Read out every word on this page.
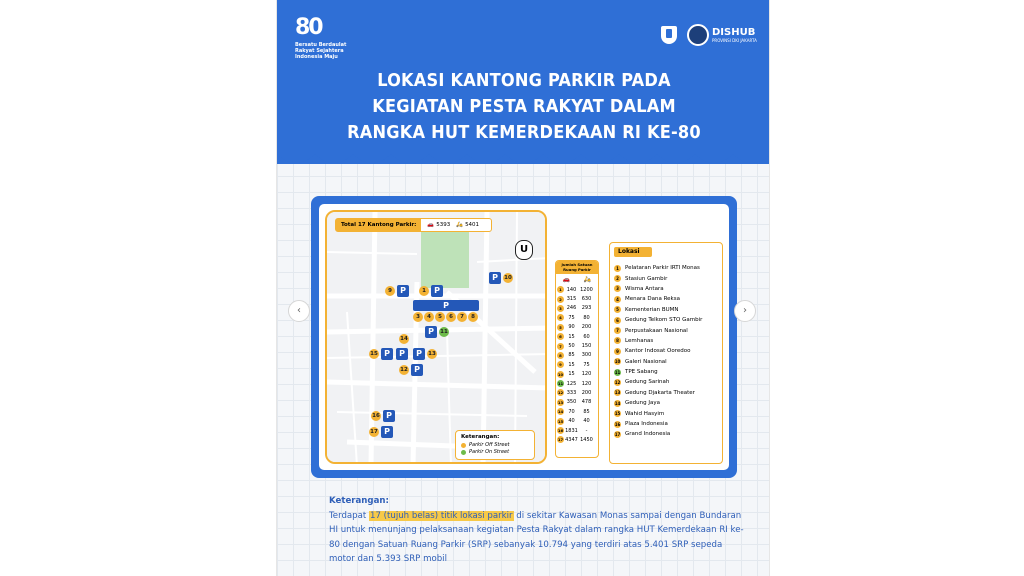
80
Bersatu Berdaulat Rakyat Sejahtera Indonesia Maju
DISHUB
PROVINSI DKI JAKARTA
LOKASI KANTONG PARKIR PADA KEGIATAN PESTA RAKYAT DALAM RANGKA HUT KEMERDEKAAN RI KE-80
Total 17 Kantong Parkir:	🚗 5393 🛵 5401
U
9	P	1	P
P	10
P
3	4	5	6	7	8
14
P	11
15 P	P	P	13
12 P
16 P
17 P
Keterangan:
Parkir Off Street
Parkir On Street
Jumlah Satuan Ruang Parkir
🚗 🛵
1 140 1200
2 315	630
3 246	293
4	75	80
5	90	200
6	15	60
7	50	150
8	85	300
9	15	75
10	15	120
11 125	120
12 333	200
13 350	478
14	70	85
15	40	40
16 1831	-
17 4347 1450
Lokasi
1	Pelataran Parkir IRTI Monas
2	Stasiun Gambir
3	Wisma Antara
4	Menara Dana Reksa
5	Kementerian BUMN
6	Gedung Telkom STO Gambir
7	Perpustakaan Nasional
8	Lemhanas
9	Kantor Indosat Ooredoo
10 Galeri Nasional
11 TPE Sabang
12 Gedung Sarinah
13 Gedung Djakarta Theater
14 Gedung Jaya
15 Wahid Hasyim
16 Plaza Indonesia
17 Grand Indonesia
Keterangan:
Terdapat 17 (tujuh belas) titik lokasi parkir di sekitar Kawasan Monas sampai dengan Bundaran HI untuk menunjang pelaksanaan kegiatan Pesta Rakyat dalam rangka HUT Kemerdekaan RI ke-80 dengan Satuan Ruang Parkir (SRP) sebanyak 10.794 yang terdiri atas 5.401 SRP sepeda motor dan 5.393 SRP mobil
‹	›
